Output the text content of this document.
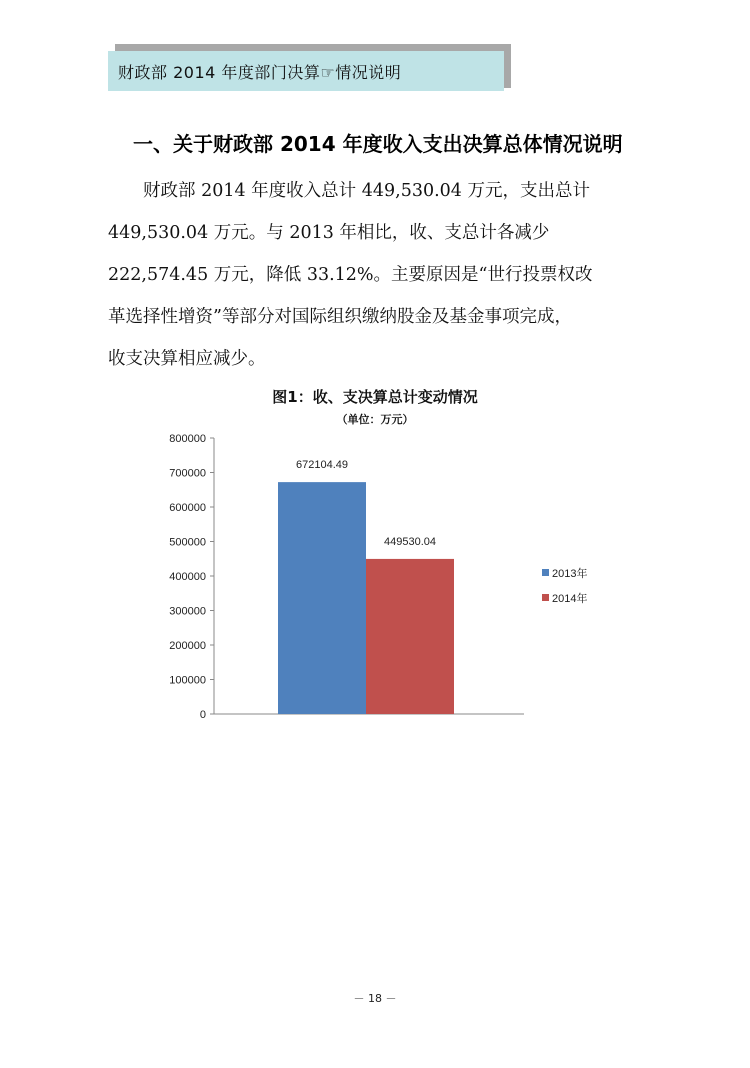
财政部 2014 年度部门决算☞情况说明
一、关于财政部 2014 年度收入支出决算总体情况说明
财政部 2014 年度收入总计 449,530.04 万元，支出总计
449,530.04 万元。与 2013 年相比，收、支总计各减少
222,574.45 万元，降低 33.12%。主要原因是“世行投票权改
革选择性增资”等部分对国际组织缴纳股金及基金事项完成，
收支决算相应减少。
图1：收、支决算总计变动情况
（单位：万元）
0
100000
200000
300000
400000
500000
600000
700000
800000
672104.49
449530.04
2013年
2014年
－ 18 －
